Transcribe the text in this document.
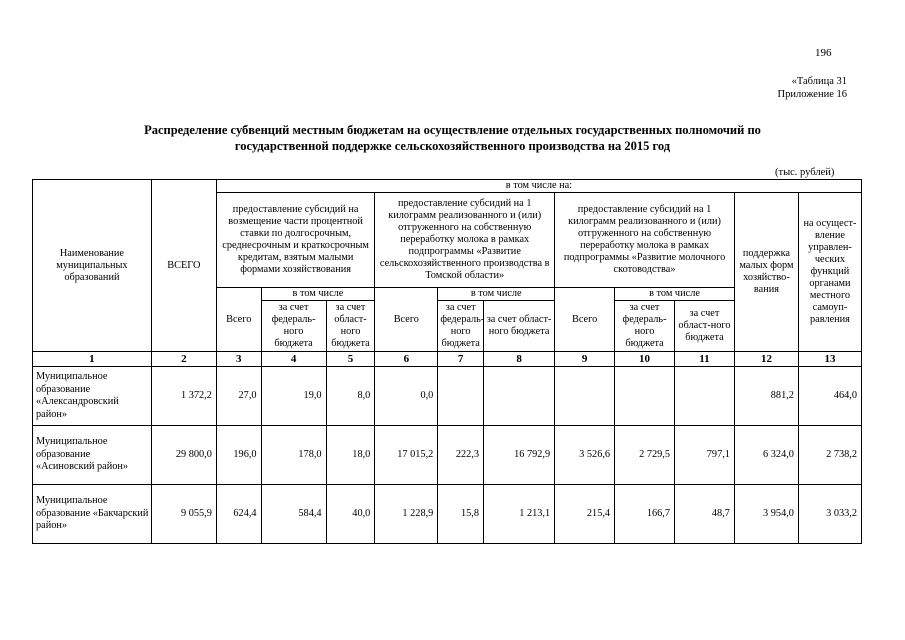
196
«Таблица 31
Приложение 16
Распределение субвенций местным бюджетам на осуществление отдельных государственных полномочий по
государственной поддержке сельскохозяйственного производства на 2015 год
(тыс. рублей)
Наименование муниципальных образований	ВСЕГО	в том числе на:										
		предоставление субсидий на возмещение части процентной ставки по долгосрочным, среднесрочным и краткосрочным кредитам, взятым малыми формами хозяйствования			предоставление субсидий на 1 килограмм реализованного и (или) отгруженного на собственную переработку молока в рамках подпрограммы «Развитие сельскохозяйственного производства в Томской области»			предоставление субсидий на 1 килограмм реализованного и (или) отгруженного на собственную переработку молока в рамках подпрограммы «Развитие молочного скотоводства»			поддержка малых форм хозяйство-вания	на осущест-вление управлен-ческих функций органами местного самоуп-равления
		Всего	в том числе		Всего	в том числе		Всего	в том числе			
			за счет федераль-ного бюджета	за счет област-ного бюджета		за счет федераль-ного бюджета	за счет област-ного бюджета		за счет федераль-ного бюджета	за счет област-ного бюджета		
1	2	3	4	5	6	7	8	9	10	11	12	13
Муниципальное образование «Александровский район»	1 372,2	27,0	19,0	8,0	0,0						881,2	464,0
Муниципальное образование «Асиновский район»	29 800,0	196,0	178,0	18,0	17 015,2	222,3	16 792,9	3 526,6	2 729,5	797,1	6 324,0	2 738,2
Муниципальное образование «Бакчарский район»	9 055,9	624,4	584,4	40,0	1 228,9	15,8	1 213,1	215,4	166,7	48,7	3 954,0	3 033,2
